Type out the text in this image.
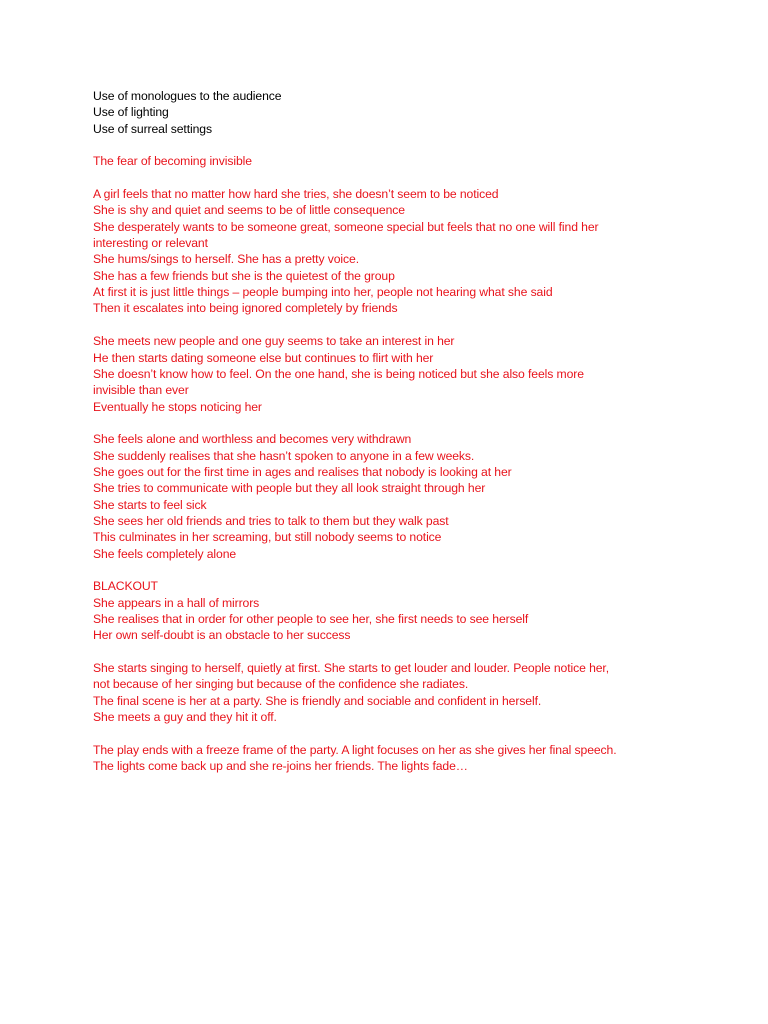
Use of monologues to the audience
Use of lighting
Use of surreal settings
The fear of becoming invisible
A girl feels that no matter how hard she tries, she doesn’t seem to be noticed
She is shy and quiet and seems to be of little consequence
She desperately wants to be someone great, someone special but feels that no one will find her
interesting or relevant
She hums/sings to herself. She has a pretty voice.
She has a few friends but she is the quietest of the group
At first it is just little things – people bumping into her, people not hearing what she said
Then it escalates into being ignored completely by friends
She meets new people and one guy seems to take an interest in her
He then starts dating someone else but continues to flirt with her
She doesn’t know how to feel. On the one hand, she is being noticed but she also feels more
invisible than ever
Eventually he stops noticing her
She feels alone and worthless and becomes very withdrawn
She suddenly realises that she hasn’t spoken to anyone in a few weeks.
She goes out for the first time in ages and realises that nobody is looking at her
She tries to communicate with people but they all look straight through her
She starts to feel sick
She sees her old friends and tries to talk to them but they walk past
This culminates in her screaming, but still nobody seems to notice
She feels completely alone
BLACKOUT
She appears in a hall of mirrors
She realises that in order for other people to see her, she first needs to see herself
Her own self-doubt is an obstacle to her success
She starts singing to herself, quietly at first. She starts to get louder and louder. People notice her,
not because of her singing but because of the confidence she radiates.
The final scene is her at a party. She is friendly and sociable and confident in herself.
She meets a guy and they hit it off.
The play ends with a freeze frame of the party. A light focuses on her as she gives her final speech.
The lights come back up and she re-joins her friends. The lights fade…
